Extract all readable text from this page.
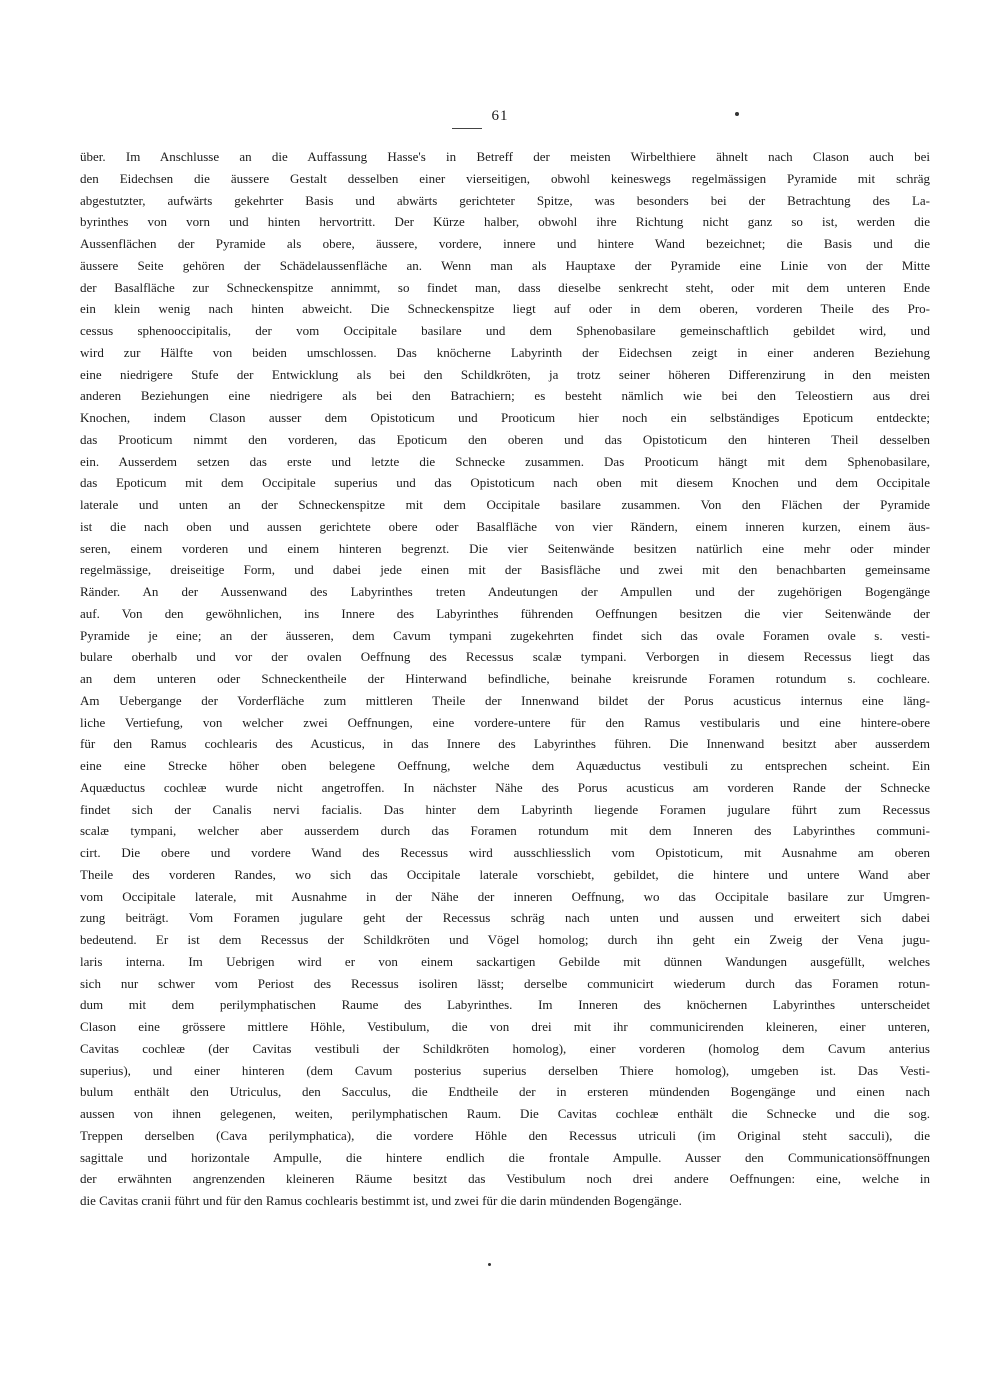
61
über. Im Anschlusse an die Auffassung Hasse's in Betreff der meisten Wirbelthiere ähnelt nach Clason auch bei
den Eidechsen die äussere Gestalt desselben einer vierseitigen, obwohl keineswegs regelmässigen Pyramide mit schräg
abgestutzter, aufwärts gekehrter Basis und abwärts gerichteter Spitze, was besonders bei der Betrachtung des La-
byrinthes von vorn und hinten hervortritt. Der Kürze halber, obwohl ihre Richtung nicht ganz so ist, werden die
Aussenflächen der Pyramide als obere, äussere, vordere, innere und hintere Wand bezeichnet; die Basis und die
äussere Seite gehören der Schädelaussenfläche an. Wenn man als Hauptaxe der Pyramide eine Linie von der Mitte
der Basalfläche zur Schneckenspitze annimmt, so findet man, dass dieselbe senkrecht steht, oder mit dem unteren Ende
ein klein wenig nach hinten abweicht. Die Schneckenspitze liegt auf oder in dem oberen, vorderen Theile des Pro-
cessus sphenooccipitalis, der vom Occipitale basilare und dem Sphenobasilare gemeinschaftlich gebildet wird, und
wird zur Hälfte von beiden umschlossen. Das knöcherne Labyrinth der Eidechsen zeigt in einer anderen Beziehung
eine niedrigere Stufe der Entwicklung als bei den Schildkröten, ja trotz seiner höheren Differenzirung in den meisten
anderen Beziehungen eine niedrigere als bei den Batrachiern; es besteht nämlich wie bei den Teleostiern aus drei
Knochen, indem Clason ausser dem Opistoticum und Prooticum hier noch ein selbständiges Epoticum entdeckte;
das Prooticum nimmt den vorderen, das Epoticum den oberen und das Opistoticum den hinteren Theil desselben
ein. Ausserdem setzen das erste und letzte die Schnecke zusammen. Das Prooticum hängt mit dem Sphenobasilare,
das Epoticum mit dem Occipitale superius und das Opistoticum nach oben mit diesem Knochen und dem Occipitale
laterale und unten an der Schneckenspitze mit dem Occipitale basilare zusammen. Von den Flächen der Pyramide
ist die nach oben und aussen gerichtete obere oder Basalfläche von vier Rändern, einem inneren kurzen, einem äus-
seren, einem vorderen und einem hinteren begrenzt. Die vier Seitenwände besitzen natürlich eine mehr oder minder
regelmässige, dreiseitige Form, und dabei jede einen mit der Basisfläche und zwei mit den benachbarten gemeinsame
Ränder. An der Aussenwand des Labyrinthes treten Andeutungen der Ampullen und der zugehörigen Bogengänge
auf. Von den gewöhnlichen, ins Innere des Labyrinthes führenden Oeffnungen besitzen die vier Seitenwände der
Pyramide je eine; an der äusseren, dem Cavum tympani zugekehrten findet sich das ovale Foramen ovale s. vesti-
bulare oberhalb und vor der ovalen Oeffnung des Recessus scalæ tympani. Verborgen in diesem Recessus liegt das
an dem unteren oder Schneckentheile der Hinterwand befindliche, beinahe kreisrunde Foramen rotundum s. cochleare.
Am Uebergange der Vorderfläche zum mittleren Theile der Innenwand bildet der Porus acusticus internus eine läng-
liche Vertiefung, von welcher zwei Oeffnungen, eine vordere-untere für den Ramus vestibularis und eine hintere-obere
für den Ramus cochlearis des Acusticus, in das Innere des Labyrinthes führen. Die Innenwand besitzt aber ausserdem
eine eine Strecke höher oben belegene Oeffnung, welche dem Aquæductus vestibuli zu entsprechen scheint. Ein
Aquæductus cochleæ wurde nicht angetroffen. In nächster Nähe des Porus acusticus am vorderen Rande der Schnecke
findet sich der Canalis nervi facialis. Das hinter dem Labyrinth liegende Foramen jugulare führt zum Recessus
scalæ tympani, welcher aber ausserdem durch das Foramen rotundum mit dem Inneren des Labyrinthes communi-
cirt. Die obere und vordere Wand des Recessus wird ausschliesslich vom Opistoticum, mit Ausnahme am oberen
Theile des vorderen Randes, wo sich das Occipitale laterale vorschiebt, gebildet, die hintere und untere Wand aber
vom Occipitale laterale, mit Ausnahme in der Nähe der inneren Oeffnung, wo das Occipitale basilare zur Umgren-
zung beiträgt. Vom Foramen jugulare geht der Recessus schräg nach unten und aussen und erweitert sich dabei
bedeutend. Er ist dem Recessus der Schildkröten und Vögel homolog; durch ihn geht ein Zweig der Vena jugu-
laris interna. Im Uebrigen wird er von einem sackartigen Gebilde mit dünnen Wandungen ausgefüllt, welches
sich nur schwer vom Periost des Recessus isoliren lässt; derselbe communicirt wiederum durch das Foramen rotun-
dum mit dem perilymphatischen Raume des Labyrinthes. Im Inneren des knöchernen Labyrinthes unterscheidet
Clason eine grössere mittlere Höhle, Vestibulum, die von drei mit ihr communicirenden kleineren, einer unteren,
Cavitas cochleæ (der Cavitas vestibuli der Schildkröten homolog), einer vorderen (homolog dem Cavum anterius
superius), und einer hinteren (dem Cavum posterius superius derselben Thiere homolog), umgeben ist. Das Vesti-
bulum enthält den Utriculus, den Sacculus, die Endtheile der in ersteren mündenden Bogengänge und einen nach
aussen von ihnen gelegenen, weiten, perilymphatischen Raum. Die Cavitas cochleæ enthält die Schnecke und die sog.
Treppen derselben (Cava perilymphatica), die vordere Höhle den Recessus utriculi (im Original steht sacculi), die
sagittale und horizontale Ampulle, die hintere endlich die frontale Ampulle. Ausser den Communicationsöffnungen
der erwähnten angrenzenden kleineren Räume besitzt das Vestibulum noch drei andere Oeffnungen: eine, welche in
die Cavitas cranii führt und für den Ramus cochlearis bestimmt ist, und zwei für die darin mündenden Bogengänge.
